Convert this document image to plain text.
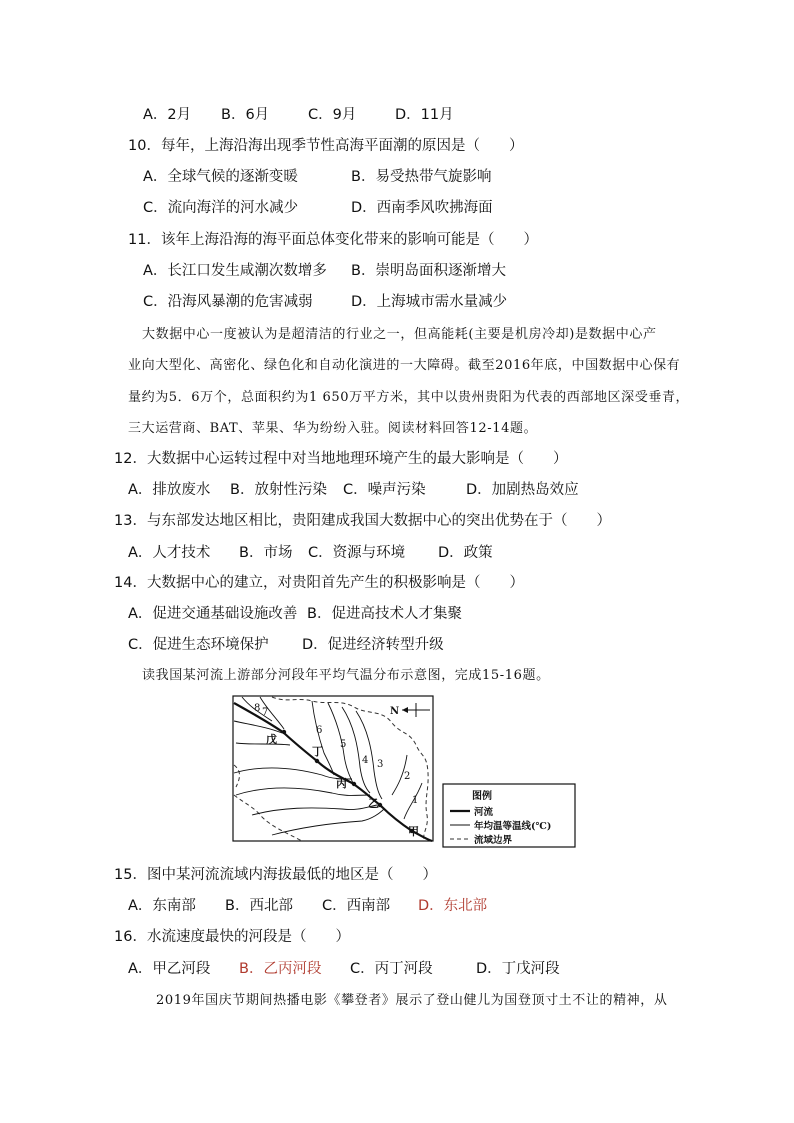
A．2月 B．6月	C．9月	D．11月
10．每年，上海沿海出现季节性高海平面潮的原因是（　　）
A．全球气候的逐渐变暖	B．易受热带气旋影响
C．流向海洋的河水减少	D．西南季风吹拂海面
11．该年上海沿海的海平面总体变化带来的影响可能是（　　）
A．长江口发生咸潮次数增多 B．崇明岛面积逐渐增大
C．沿海风暴潮的危害减弱	D．上海城市需水量减少
大数据中心一度被认为是超清洁的行业之一，但高能耗(主要是机房冷却)是数据中心产
业向大型化、高密化、绿色化和自动化演进的一大障碍。截至2016年底，中国数据中心保有
量约为5．6万个，总面积约为1 650万平方米，其中以贵州贵阳为代表的西部地区深受垂青，
三大运营商、BAT、苹果、华为纷纷入驻。阅读材料回答12-14题。
12．大数据中心运转过程中对当地地理环境产生的最大影响是（　　）
A．排放废水 B．放射性污染 C．噪声污染	D．加剧热岛效应
13．与东部发达地区相比，贵阳建成我国大数据中心的突出优势在于（　　）
A．人才技术 B．市场 C．资源与环境 D．政策
14．大数据中心的建立，对贵阳首先产生的积极影响是（　　）
A．促进交通基础设施改善 B．促进高技术人才集聚
C．促进生态环境保护 D．促进经济转型升级
读我国某河流上游部分河段年平均气温分布示意图，完成15-16题。
1
2
3
4
5
6
7
8
甲
乙
丙
丁
戊
N
图例
河流
年均温等温线(℃)
流域边界
15．图中某河流流域内海拔最低的地区是（　　）
A．东南部 B．西北部 C．西南部 D．东北部
16．水流速度最快的河段是（　　）
A．甲乙河段 B．乙丙河段 C．丙丁河段	D．丁戊河段
2019年国庆节期间热播电影《攀登者》展示了登山健儿为国登顶寸土不让的精神，从
